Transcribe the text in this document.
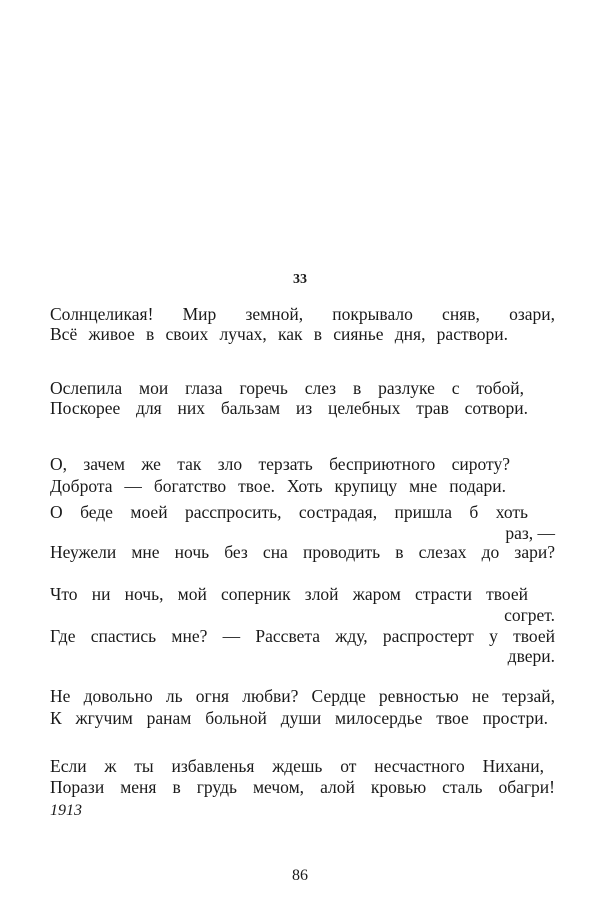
33
Солнцеликая! Мир земной, покрывало сняв, озари,
Всё живое в своих лучах, как в сиянье дня, раствори.
Ослепила мои глаза горечь слез в разлуке с тобой,
Поскорее для них бальзам из целебных трав сотвори.
О, зачем же так зло терзать бесприютного сироту?
Доброта — богатство твое. Хоть крупицу мне подари.
О беде моей расспросить, сострадая, пришла б хоть
раз, —
Неужели мне ночь без сна проводить в слезах до зари?
Что ни ночь, мой соперник злой жаром страсти твоей
согрет.
Где спастись мне? — Рассвета жду, распростерт у твоей
двери.
Не довольно ль огня любви? Сердце ревностью не терзай,
К жгучим ранам больной души милосердье твое простри.
Если ж ты избавленья ждешь от несчастного Нихани,
Порази меня в грудь мечом, алой кровью сталь обагри!
1913
86
